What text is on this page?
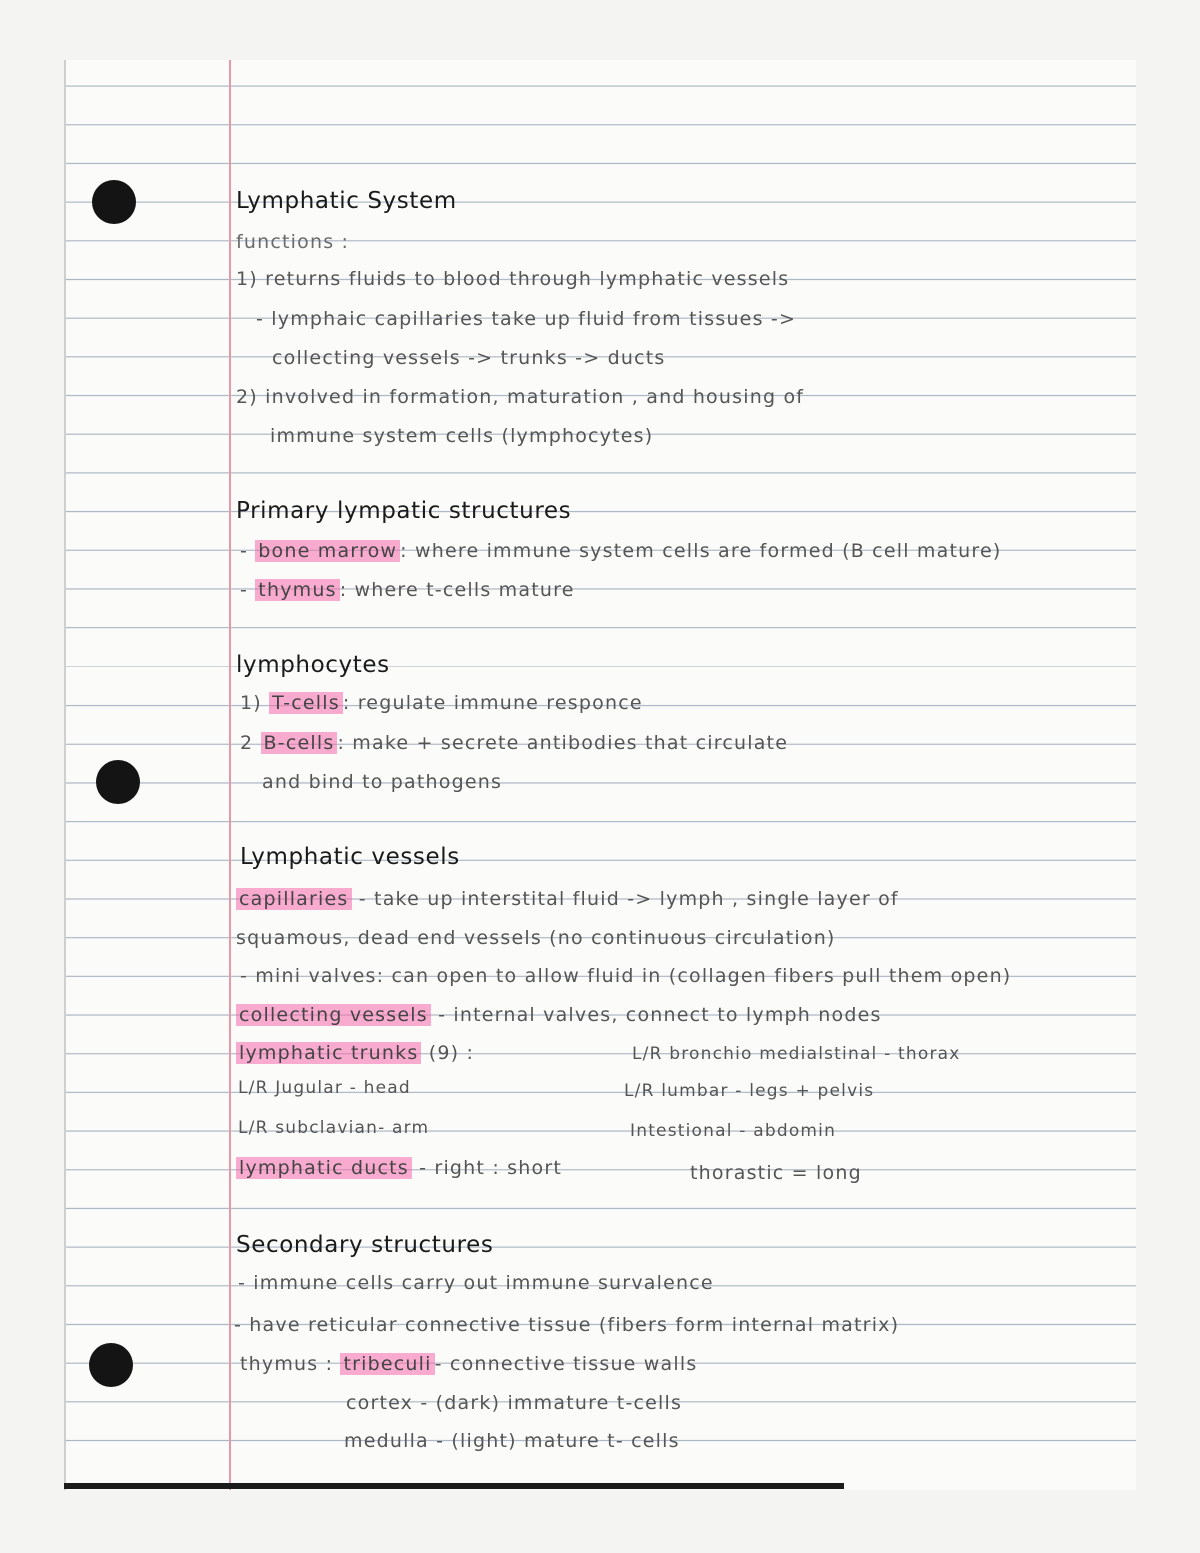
Lymphatic System
functions :
1) returns fluids to blood through lymphatic vessels
- lymphaic capillaries take up fluid from tissues ->
collecting vessels -> trunks -> ducts
2) involved in formation, maturation , and housing of
immune system cells (lymphocytes)
Primary lympatic structures
- bone marrow : where immune system cells are formed (B cell mature)
- thymus : where t-cells mature
lymphocytes
1) T-cells : regulate immune responce
2 B-cells : make + secrete antibodies that circulate
and bind to pathogens
Lymphatic vessels
capillaries - take up interstital fluid -> lymph , single layer of
squamous, dead end vessels (no continuous circulation)
- mini valves: can open to allow fluid in (collagen fibers pull them open)
collecting vessels - internal valves, connect to lymph nodes
lymphatic trunks (9) :	L/R bronchio medialstinal - thorax
L/R Jugular - head	L/R lumbar - legs + pelvis
L/R subclavian- arm	Intestional - abdomin
lymphatic ducts - right : short	thorastic = long
Secondary structures
- immune cells carry out immune survalence
- have reticular connective tissue (fibers form internal matrix)
thymus : tribeculi - connective tissue walls
cortex - (dark) immature t-cells
medulla - (light) mature t- cells
